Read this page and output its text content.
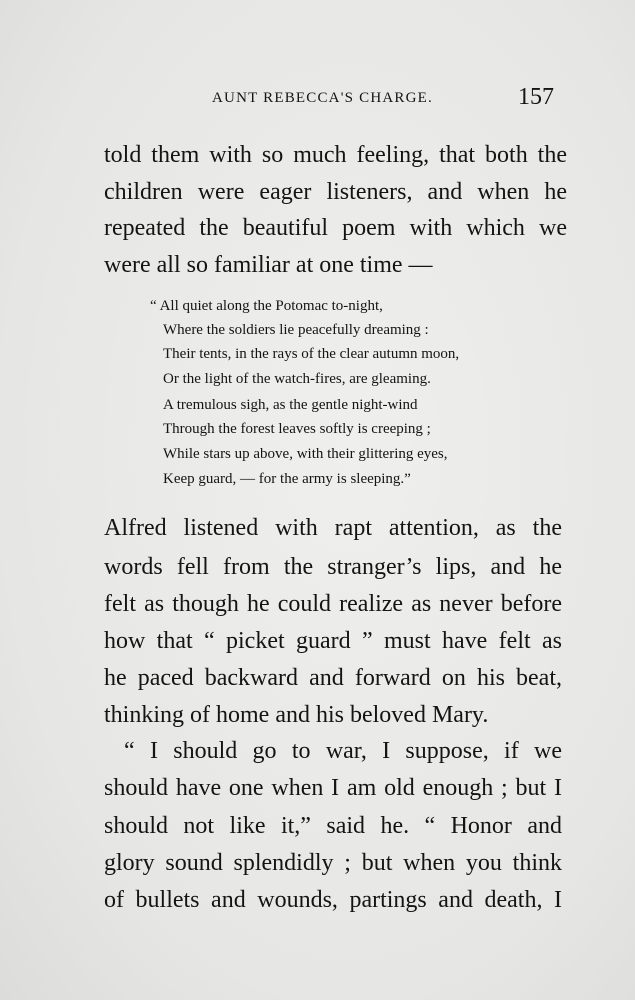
AUNT REBECCA'S CHARGE.	157
told them with so much feeling, that both the
children were eager listeners, and when he
repeated the beautiful poem with which we
were all so familiar at one time —
“ All quiet along the Potomac to-night,
Where the soldiers lie peacefully dreaming :
Their tents, in the rays of the clear autumn moon,
Or the light of the watch-fires, are gleaming.
A tremulous sigh, as the gentle night-wind
Through the forest leaves softly is creeping ;
While stars up above, with their glittering eyes,
Keep guard, — for the army is sleeping.”
Alfred listened with rapt attention, as the
words fell from the stranger’s lips, and he
felt as though he could realize as never before
how that “ picket guard ” must have felt as
he paced backward and forward on his beat,
thinking of home and his beloved Mary.
“ I should go to war, I suppose, if we
should have one when I am old enough ; but I
should not like it,” said he. “ Honor and
glory sound splendidly ; but when you think
of bullets and wounds, partings and death, I
